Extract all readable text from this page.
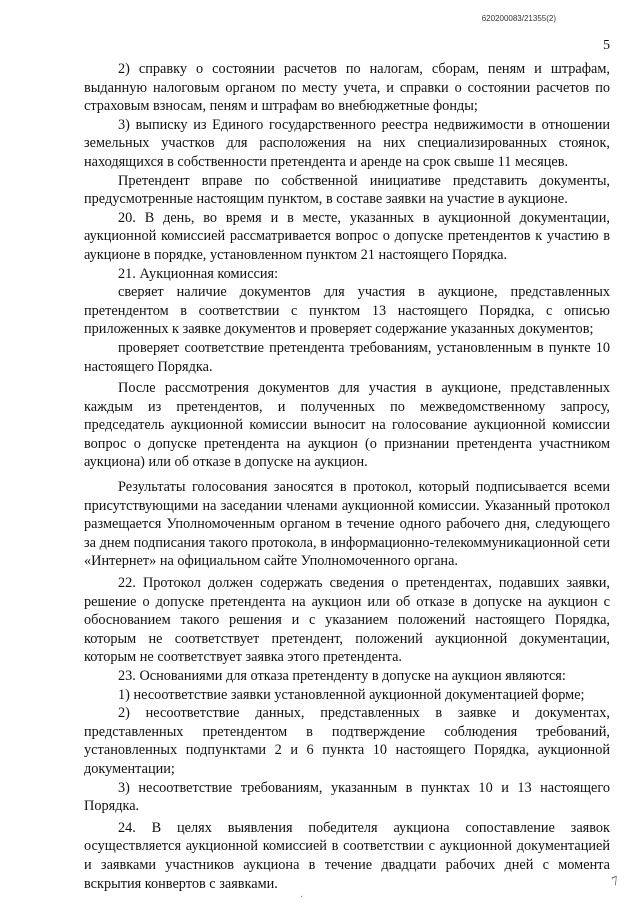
620200083/21355(2)
5

2) справку о состоянии расчетов по налогам, сборам, пеням и штрафам, выданную налоговым органом по месту учета, и справки о состоянии расчетов по страховым взносам, пеням и штрафам во внебюджетные фонды;

3) выписку из Единого государственного реестра недвижимости в отношении земельных участков для расположения на них специализированных стоянок, находящихся в собственности претендента и аренде на срок свыше 11 месяцев.

Претендент вправе по собственной инициативе представить документы, предусмотренные настоящим пунктом, в составе заявки на участие в аукционе.

20. В день, во время и в месте, указанных в аукционной документации, аукционной комиссией рассматривается вопрос о допуске претендентов к участию в аукционе в порядке, установленном пунктом 21 настоящего Порядка.

21. Аукционная комиссия:

сверяет наличие документов для участия в аукционе, представленных претендентом в соответствии с пунктом 13 настоящего Порядка, с описью приложенных к заявке документов и проверяет содержание указанных документов;

проверяет соответствие претендента требованиям, установленным в пункте 10 настоящего Порядка.

После рассмотрения документов для участия в аукционе, представленных каждым из претендентов, и полученных по межведомственному запросу, председатель аукционной комиссии выносит на голосование аукционной комиссии вопрос о допуске претендента на аукцион (о признании претендента участником аукциона) или об отказе в допуске на аукцион.

Результаты голосования заносятся в протокол, который подписывается всеми присутствующими на заседании членами аукционной комиссии. Указанный протокол размещается Уполномоченным органом в течение одного рабочего дня, следующего за днем подписания такого протокола, в информационно-телекоммуникационной сети «Интернет» на официальном сайте Уполномоченного органа.

22. Протокол должен содержать сведения о претендентах, подавших заявки, решение о допуске претендента на аукцион или об отказе в допуске на аукцион с обоснованием такого решения и с указанием положений настоящего Порядка, которым не соответствует претендент, положений аукционной документации, которым не соответствует заявка этого претендента.

23. Основаниями для отказа претенденту в допуске на аукцион являются:

1) несоответствие заявки установленной аукционной документацией форме;

2) несоответствие данных, представленных в заявке и документах, представленных претендентом в подтверждение соблюдения требований, установленных подпунктами 2 и 6 пункта 10 настоящего Порядка, аукционной документации;

3) несоответствие требованиям, указанным в пунктах 10 и 13 настоящего Порядка.

24. В целях выявления победителя аукциона сопоставление заявок осуществляется аукционной комиссией в соответствии с аукционной документацией и заявками участников аукциона в течение двадцати рабочих дней с момента вскрытия конвертов с заявками.	7
·
